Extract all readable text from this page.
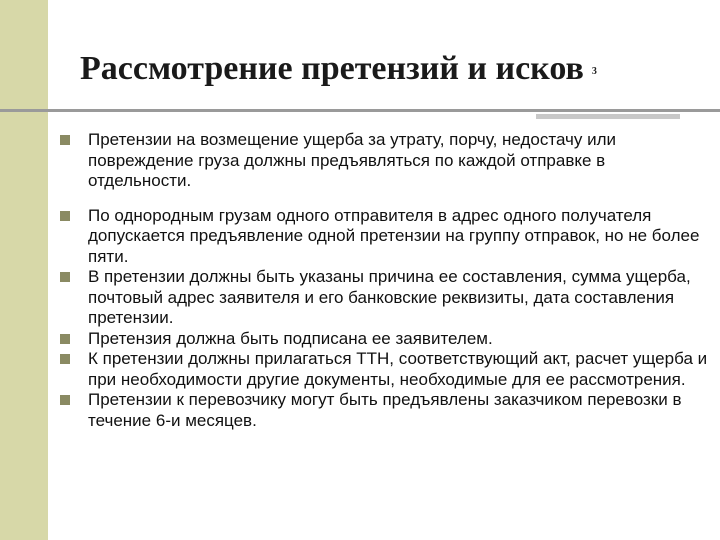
Рассмотрение претензий и исков 3
Претензии на возмещение ущерба за утрату, порчу, недостачу или повреждение груза должны предъявляться по каждой отправке в отдельности.
По однородным грузам одного отправителя в адрес одного получателя допускается предъявление одной претензии на группу отправок, но не более пяти.
В претензии должны быть указаны причина ее составления, сумма ущерба, почтовый адрес заявителя и его банковские реквизиты, дата составления претензии.
Претензия должна быть подписана ее заявителем.
К претензии должны прилагаться ТТН, соответствующий акт, расчет ущерба и при необходимости другие документы, необходимые для ее рассмотрения.
Претензии к перевозчику могут быть предъявлены заказчиком перевозки в течение 6-и месяцев.
